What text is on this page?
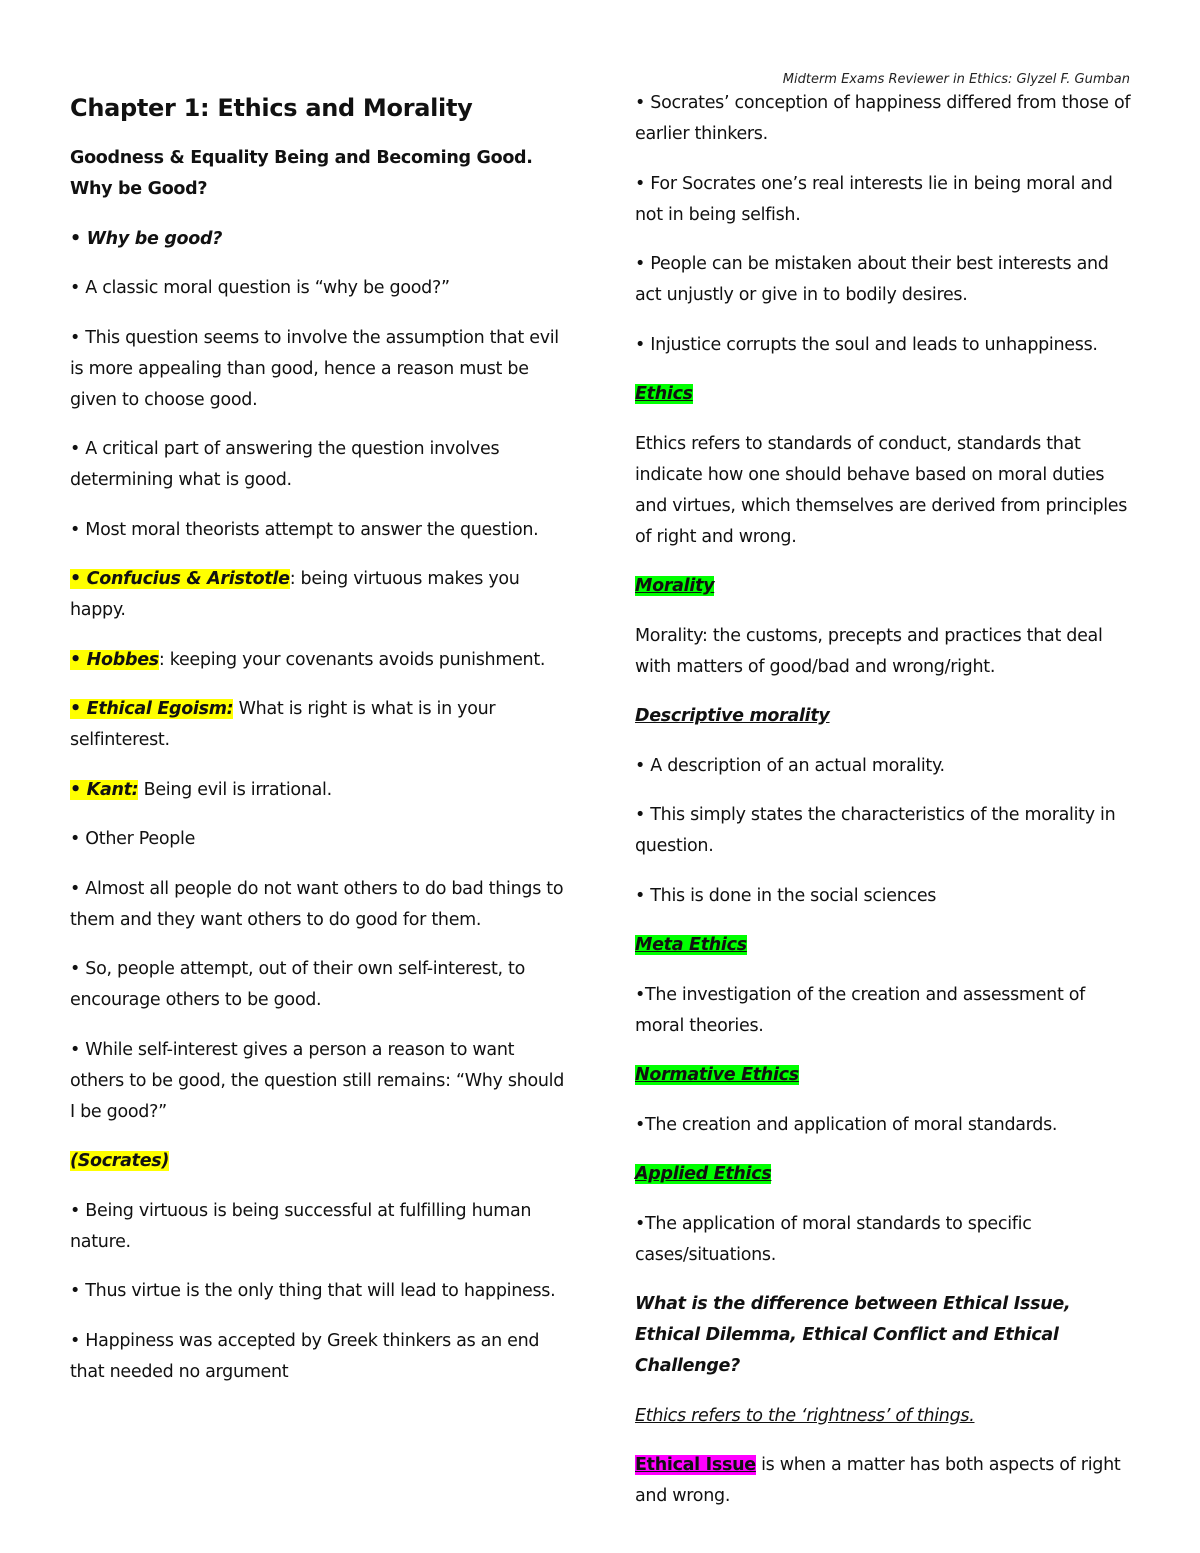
Midterm Exams Reviewer in Ethics: Glyzel F. Gumban
Chapter 1: Ethics and Morality

Goodness & Equality Being and Becoming Good. Why be Good?

• Why be good?

• A classic moral question is “why be good?”

• This question seems to involve the assumption that evil is more appealing than good, hence a reason must be given to choose good.

• A critical part of answering the question involves determining what is good.

• Most moral theorists attempt to answer the question.

• Confucius & Aristotle: being virtuous makes you happy.

• Hobbes: keeping your covenants avoids punishment.

• Ethical Egoism: What is right is what is in your selfinterest.

• Kant: Being evil is irrational.

• Other People

• Almost all people do not want others to do bad things to them and they want others to do good for them.

• So, people attempt, out of their own self-interest, to encourage others to be good.

• While self-interest gives a person a reason to want others to be good, the question still remains: “Why should I be good?”

(Socrates)

• Being virtuous is being successful at fulfilling human nature.

• Thus virtue is the only thing that will lead to happiness.

• Happiness was accepted by Greek thinkers as an end that needed no argument

• Socrates’ conception of happiness differed from those of earlier thinkers.

• For Socrates one’s real interests lie in being moral and not in being selfish.

• People can be mistaken about their best interests and act unjustly or give in to bodily desires.

• Injustice corrupts the soul and leads to unhappiness.

Ethics

Ethics refers to standards of conduct, standards that indicate how one should behave based on moral duties and virtues, which themselves are derived from principles of right and wrong.

Morality

Morality: the customs, precepts and practices that deal with matters of good/bad and wrong/right.

Descriptive morality

• A description of an actual morality.

• This simply states the characteristics of the morality in question.

• This is done in the social sciences

Meta Ethics

•The investigation of the creation and assessment of moral theories.

Normative Ethics

•The creation and application of moral standards.

Applied Ethics

•The application of moral standards to specific cases/situations.

What is the difference between Ethical Issue, Ethical Dilemma, Ethical Conflict and Ethical Challenge?

Ethics refers to the ‘rightness’ of things.

Ethical Issue is when a matter has both aspects of right and wrong.
